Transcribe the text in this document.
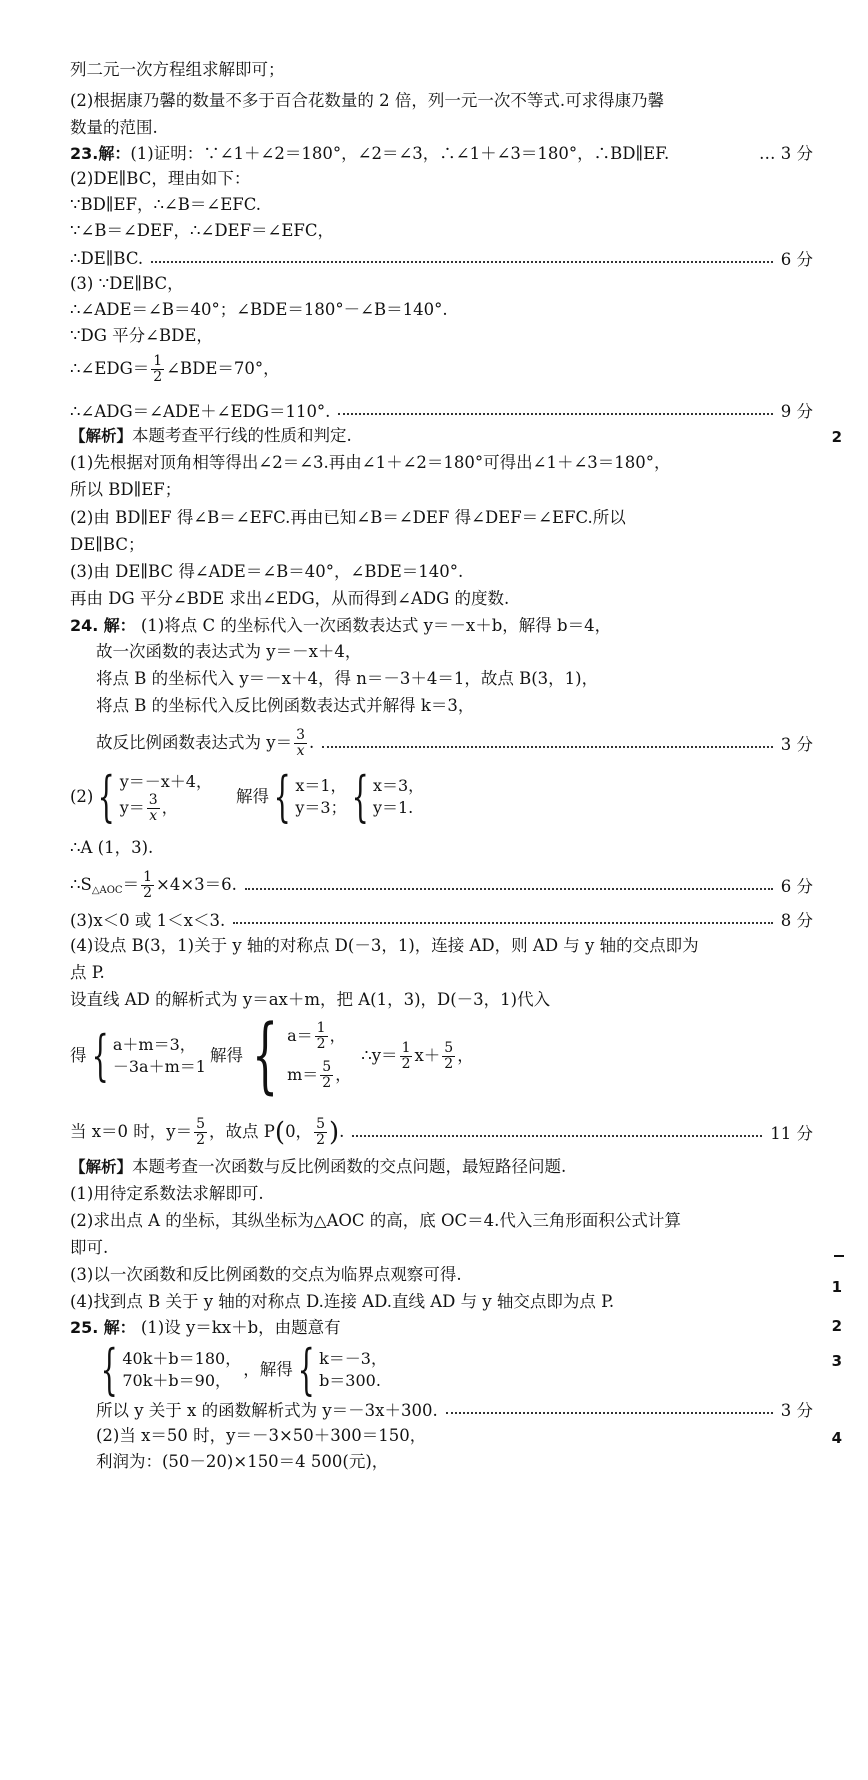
列二元一次方程组求解即可；
(2)根据康乃馨的数量不多于百合花数量的 2 倍，列一元一次不等式.可求得康乃馨
数量的范围.
23. 解： (1)证明：∵∠1＋∠2＝180°，∠2＝∠3，∴∠1＋∠3＝180°，∴BD∥EF.	… 3 分
(2)DE∥BC，理由如下：
∵BD∥EF，∴∠B＝∠EFC.
∵∠B＝∠DEF，∴∠DEF＝∠EFC，
∴DE∥BC.	6 分
(3) ∵DE∥BC，
∴∠ADE＝∠B＝40°；∠BDE＝180°－∠B＝140°.
∵DG 平分∠BDE，
∴∠EDG＝ $\frac{1}{2}$ ∠BDE＝70°，
∴∠ADG＝∠ADE＋∠EDG＝110°.	9 分
【解析】本题考查平行线的性质和判定.
(1)先根据对顶角相等得出∠2＝∠3.再由∠1＋∠2＝180°可得出∠1＋∠3＝180°，
所以 BD∥EF；
(2)由 BD∥EF 得∠B＝∠EFC.再由已知∠B＝∠DEF 得∠DEF＝∠EFC.所以
DE∥BC；
(3)由 DE∥BC 得∠ADE＝∠B＝40°，∠BDE＝140°.
再由 DG 平分∠BDE 求出∠EDG，从而得到∠ADG 的度数.
24. 解： (1)将点 C 的坐标代入一次函数表达式 y＝－x＋b，解得 b＝4，
故一次函数的表达式为 y＝－x＋4，
将点 B 的坐标代入 y＝－x＋4，得 n＝－3＋4＝1，故点 B(3，1)，
将点 B 的坐标代入反比例函数表达式并解得 k＝3，
故反比例函数表达式为 $y= \frac{3}{x}$ .	3 分
(2) { y＝－x＋4，
$y= \frac{3}{x}$ ，
解得 { x＝1，
y＝3； { x＝3，
y＝1.
∴A (1，3).
$\therefore S_{\triangle AOC}= \frac{1}{2} \times 4\times 3=6$.	6 分
(3)x＜0 或 1＜x＜3.	8 分
(4)设点 B(3，1)关于 y 轴的对称点 D(－3，1)，连接 AD，则 AD 与 y 轴的交点即为
点 P.
设直线 AD 的解析式为 y＝ax＋m，把 A(1，3)，D(－3，1)代入
得 { a＋m＝3，
－3a＋m＝1
解得 { $a= \frac{1}{2}$ ，
$m= \frac{5}{2}$ ，
∴y＝ $\frac{1}{2} x+ \frac{5}{2}$ ，
当 x＝0 时，$y= \frac{5}{2}$ ，故点 P(0， $\frac{5}{2}$ ).	11 分
【解析】本题考查一次函数与反比例函数的交点问题，最短路径问题.
(1)用待定系数法求解即可.
(2)求出点 A 的坐标，其纵坐标为△AOC 的高，底 OC＝4.代入三角形面积公式计算
即可.
(3)以一次函数和反比例函数的交点为临界点观察可得.
(4)找到点 B 关于 y 轴的对称点 D.连接 AD.直线 AD 与 y 轴交点即为点 P.
25. 解： (1)设 y＝kx＋b，由题意有
{ 40k＋b＝180，
70k＋b＝90，
，解得 { k＝－3，
b＝300.
所以 y 关于 x 的函数解析式为 y＝－3x＋300.	3 分
(2)当 x＝50 时，y＝－3×50＋300＝150，
利润为：(50－20)×150＝4 500(元)，
2
1
2
3
4
